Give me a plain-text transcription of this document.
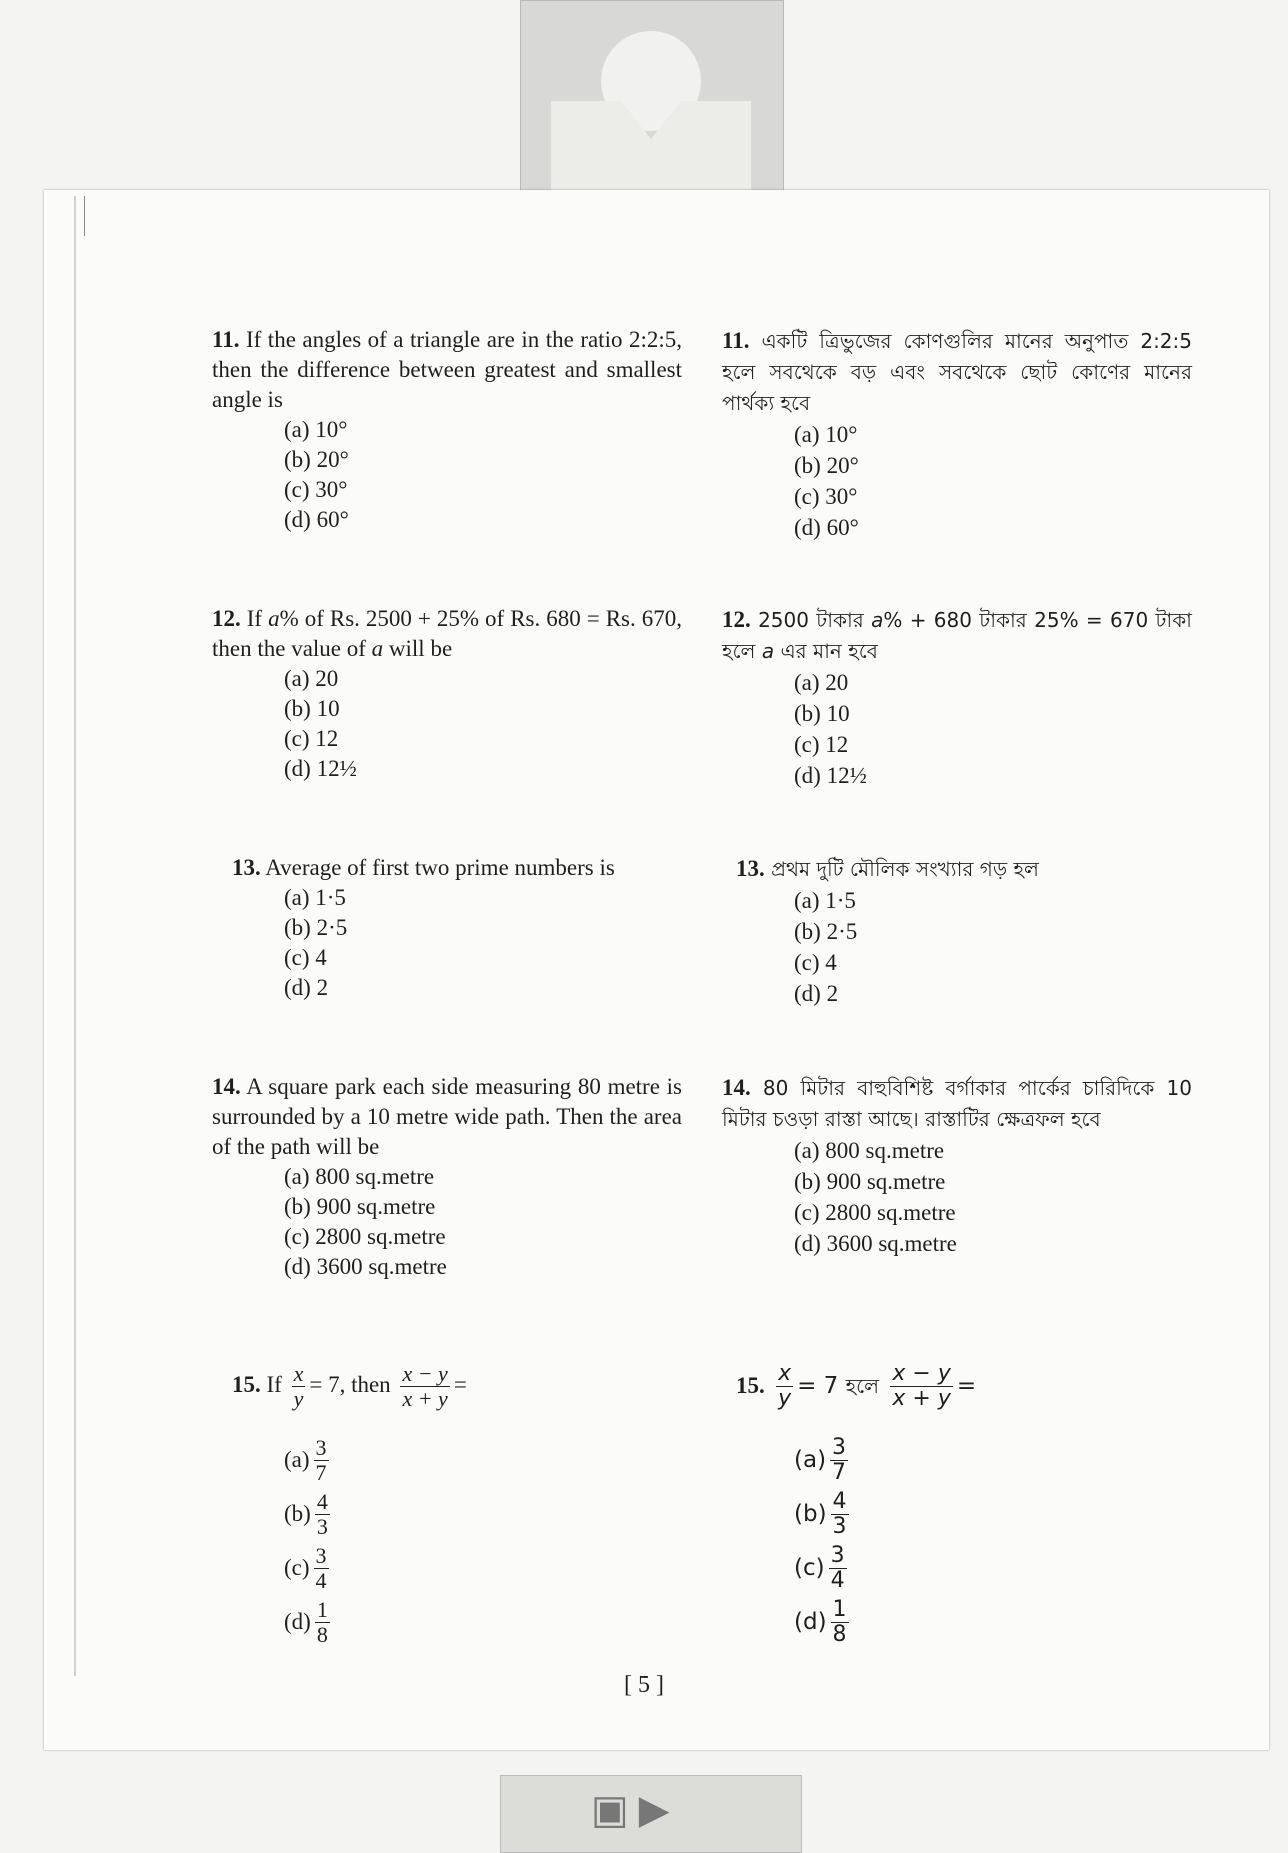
▣ ▶
11. If the angles of a triangle are in the ratio 2:2:5, then the difference between greatest and smallest angle is
(a) 10°
(b) 20°
(c) 30°
(d) 60°
12. If a% of Rs. 2500 + 25% of Rs. 680 = Rs. 670, then the value of a will be
(a) 20
(b) 10
(c) 12
(d) 12½
13. Average of first two prime numbers is
(a) 1·5
(b) 2·5
(c) 4
(d) 2
14. A square park each side measuring 80 metre is surrounded by a 10 metre wide path. Then the area of the path will be
(a) 800 sq.metre
(b) 900 sq.metre
(c) 2800 sq.metre
(d) 3600 sq.metre
15. If $\frac{x}{y} = 7$, then $\frac{x - y}{x + y}$ =
$(a) \frac{3}{7}$
$(b) \frac{4}{3}$
$(c) \frac{3}{4}$
$(d) \frac{1}{8}$
11. একটি ত্রিভুজের কোণগুলির মানের অনুপাত 2:2:5 হলে সবথেকে বড় এবং সবথেকে ছোট কোণের মানের পার্থক্য হবে
(a) 10°
(b) 20°
(c) 30°
(d) 60°
12. 2500 টাকার a% + 680 টাকার 25% = 670 টাকা হলে a এর মান হবে
(a) 20
(b) 10
(c) 12
(d) 12½
13. প্রথম দুটি মৌলিক সংখ্যার গড় হল
(a) 1·5
(b) 2·5
(c) 4
(d) 2
14. 80 মিটার বাহুবিশিষ্ট বর্গাকার পার্কের চারিদিকে 10 মিটার চওড়া রাস্তা আছে। রাস্তাটির ক্ষেত্রফল হবে
(a) 800 sq.metre
(b) 900 sq.metre
(c) 2800 sq.metre
(d) 3600 sq.metre
15. $\frac{x}{y} = 7$ হলে $\frac{x - y}{x + y}$ =
$(a) \frac{3}{7}$
$(b) \frac{4}{3}$
$(c) \frac{3}{4}$
$(d) \frac{1}{8}$
[ 5 ]
